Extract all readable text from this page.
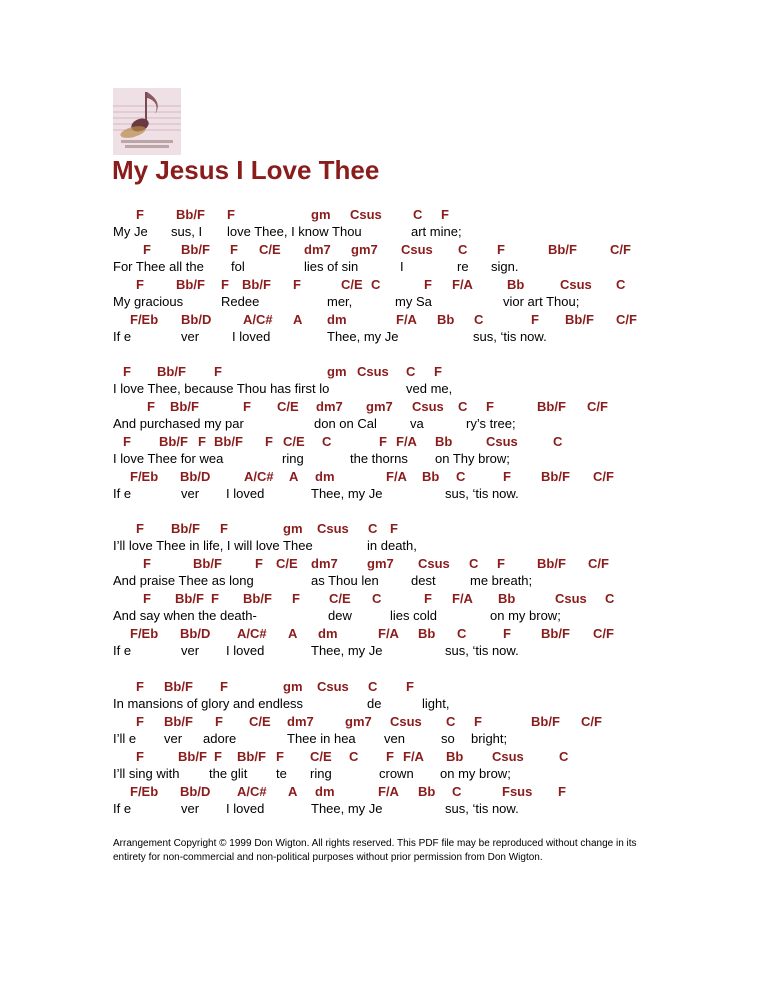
My Jesus I Love Thee
F Bb/F F	gm Csus C F
My Je sus, I love Thee, I know Thou	art mine;
F Bb/F F C/E dm7 gm7 Csus C F	Bb/F	C/F
For Thee all the fol	lies of sin	I	re sign.
F Bb/F F Bb/F F	C/E C	F F/A	Bb	Csus C
My gracious	Redee	mer,	my Sa	vior art Thou;
F/Eb Bb/D A/C# A dm	F/A Bb C	F Bb/F C/F
If e	ver	I loved	Thee, my Je	sus, ‘tis now.
F Bb/F F	gm Csus C F
I love Thee, because Thou has first lo	ved me,
F Bb/F	F C/E dm7 gm7 Csus C F	Bb/F C/F
And purchased my par	don on Cal	va	ry’s tree;
F Bb/F F Bb/F F C/E C	F F/A Bb	Csus	C
I love Thee for wea	ring	the thorns on Thy brow;
F/Eb Bb/D	A/C# A dm	F/A Bb C	F Bb/F C/F
If e	ver I loved	Thee, my Je	sus, ‘tis now.
F Bb/F F	gm Csus C F
I’ll love Thee in life, I will love Thee	in death,
F	Bb/F	F C/E dm7 gm7 Csus C F Bb/F C/F
And praise Thee as long	as Thou len dest	me breath;
F Bb/F F Bb/F F C/E C	F F/A Bb	Csus C
And say when the death-	dew	lies cold	on my brow;
F/Eb Bb/D A/C# A dm	F/A Bb C	F Bb/F C/F
If e	ver I loved	Thee, my Je	sus, ‘tis now.
F Bb/F F	gm Csus C F
In mansions of glory and endless	de	light,
F Bb/F F C/E dm7 gm7 Csus C F	Bb/F C/F
I’ll e ver adore	Thee in hea ven	so bright;
F	Bb/F F Bb/F F C/E C F F/A Bb Csus	C
I’ll sing with the glit te ring	crown on my brow;
F/Eb Bb/D A/C# A dm	F/A Bb C	Fsus F
If e	ver I loved	Thee, my Je	sus, ‘tis now.
Arrangement Copyright © 1999 Don Wigton. All rights reserved. This PDF file may be reproduced without change in its entirety for non-commercial and non-political purposes without prior permission from Don Wigton.
